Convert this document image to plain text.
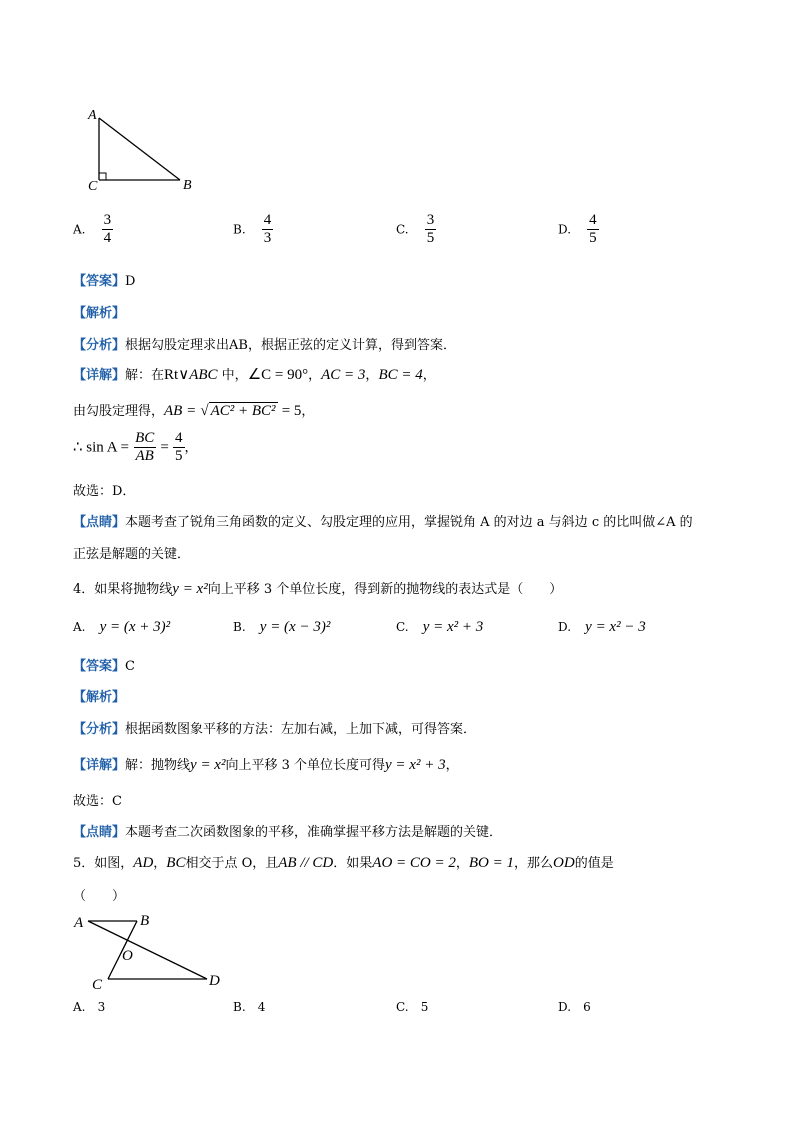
A
C	B
A. $\frac{3}{4}$	B. $\frac{4}{3}$	C. $\frac{3}{5}$	D. $\frac{4}{5}$
【答案】D
【解析】
【分析】根据勾股定理求出AB，根据正弦的定义计算，得到答案．
【详解】解：在Rt∨ABC 中，∠C = 90°，AC = 3，BC = 4，
由勾股定理得，AB = √ AC² + BC² = 5，
∴ $\sin A = \frac{BC}{AB} = \frac{4}{5}$ ，
故选：D．
【点睛】本题考查了锐角三角函数的定义、勾股定理的应用，掌握锐角 A 的对边 a 与斜边 c 的比叫做∠A 的
正弦是解题的关键．
4．如果将抛物线y = x²向上平移 3 个单位长度，得到新的抛物线的表达式是（　　）
A. y = (x + 3)²	B. y = (x − 3)²	C. y = x² + 3	D. y = x² − 3
【答案】C
【解析】
【分析】根据函数图象平移的方法：左加右减，上加下减，可得答案．
【详解】解：抛物线y = x²向上平移 3 个单位长度可得y = x² + 3，
故选：C
【点睛】本题考查二次函数图象的平移，准确掌握平移方法是解题的关键．
5．如图，AD，BC相交于点 O，且AB // CD．如果AO = CO = 2，BO = 1，那么OD的值是
（　　）
A	B
O
C	D
A. 3	B. 4	C. 5	D. 6
